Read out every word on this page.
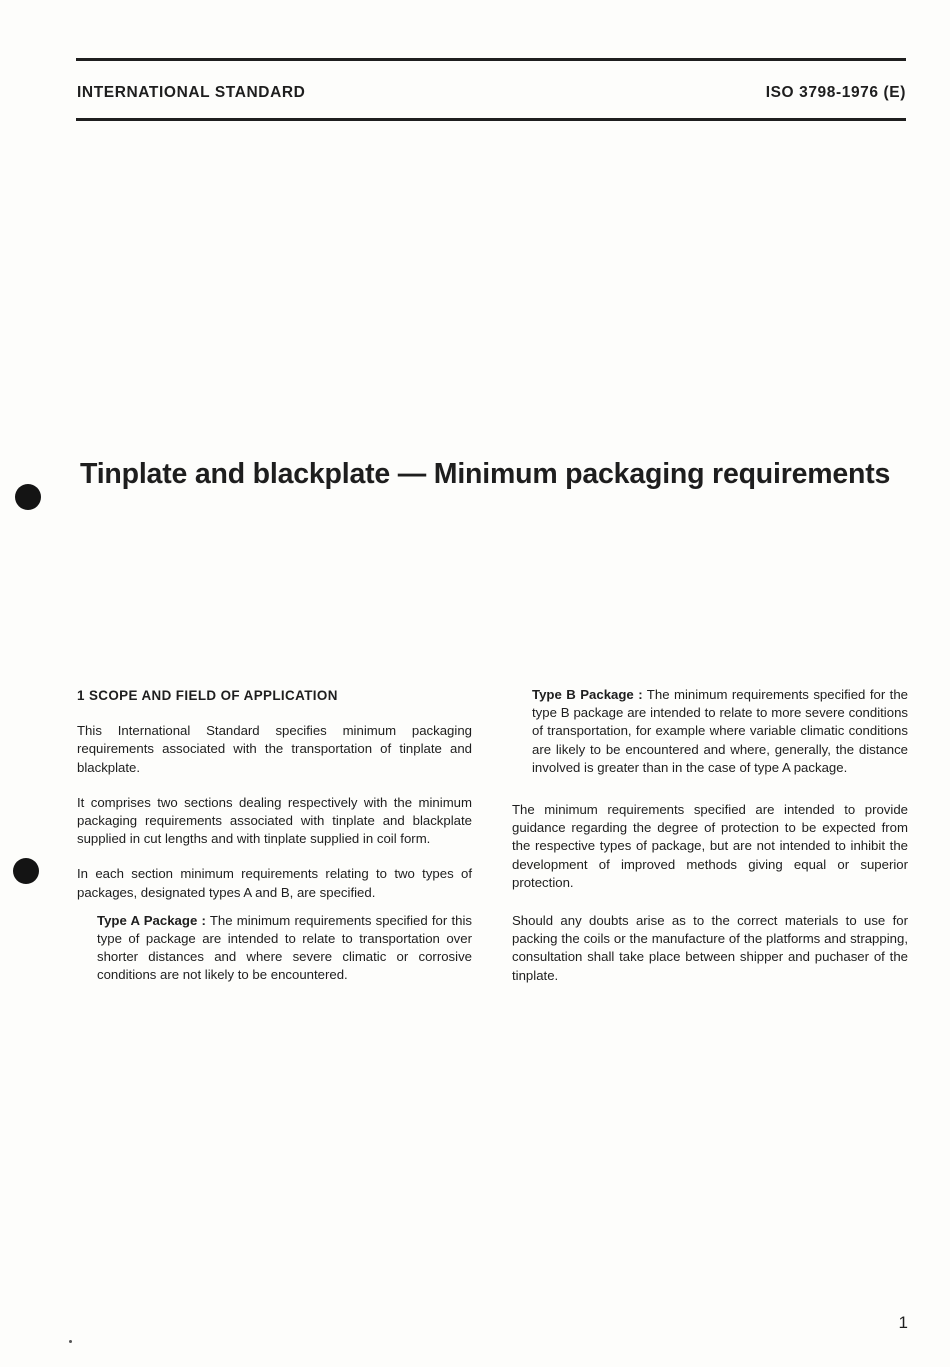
INTERNATIONAL STANDARD	ISO 3798-1976 (E)
Tinplate and blackplate — Minimum packaging requirements

1 SCOPE AND FIELD OF APPLICATION

This International Standard specifies minimum packaging requirements associated with the transportation of tinplate and blackplate.

It comprises two sections dealing respectively with the minimum packaging requirements associated with tinplate and blackplate supplied in cut lengths and with tinplate supplied in coil form.

In each section minimum requirements relating to two types of packages, designated types A and B, are specified.

Type A Package : The minimum requirements specified for this type of package are intended to relate to transportation over shorter distances and where severe climatic or corrosive conditions are not likely to be encountered.

Type B Package : The minimum requirements specified for the type B package are intended to relate to more severe conditions of transportation, for example where variable climatic conditions are likely to be encountered and where, generally, the distance involved is greater than in the case of type A package.

The minimum requirements specified are intended to provide guidance regarding the degree of protection to be expected from the respective types of package, but are not intended to inhibit the development of improved methods giving equal or superior protection.

Should any doubts arise as to the correct materials to use for packing the coils or the manufacture of the platforms and strapping, consultation shall take place between shipper and puchaser of the tinplate.

1
